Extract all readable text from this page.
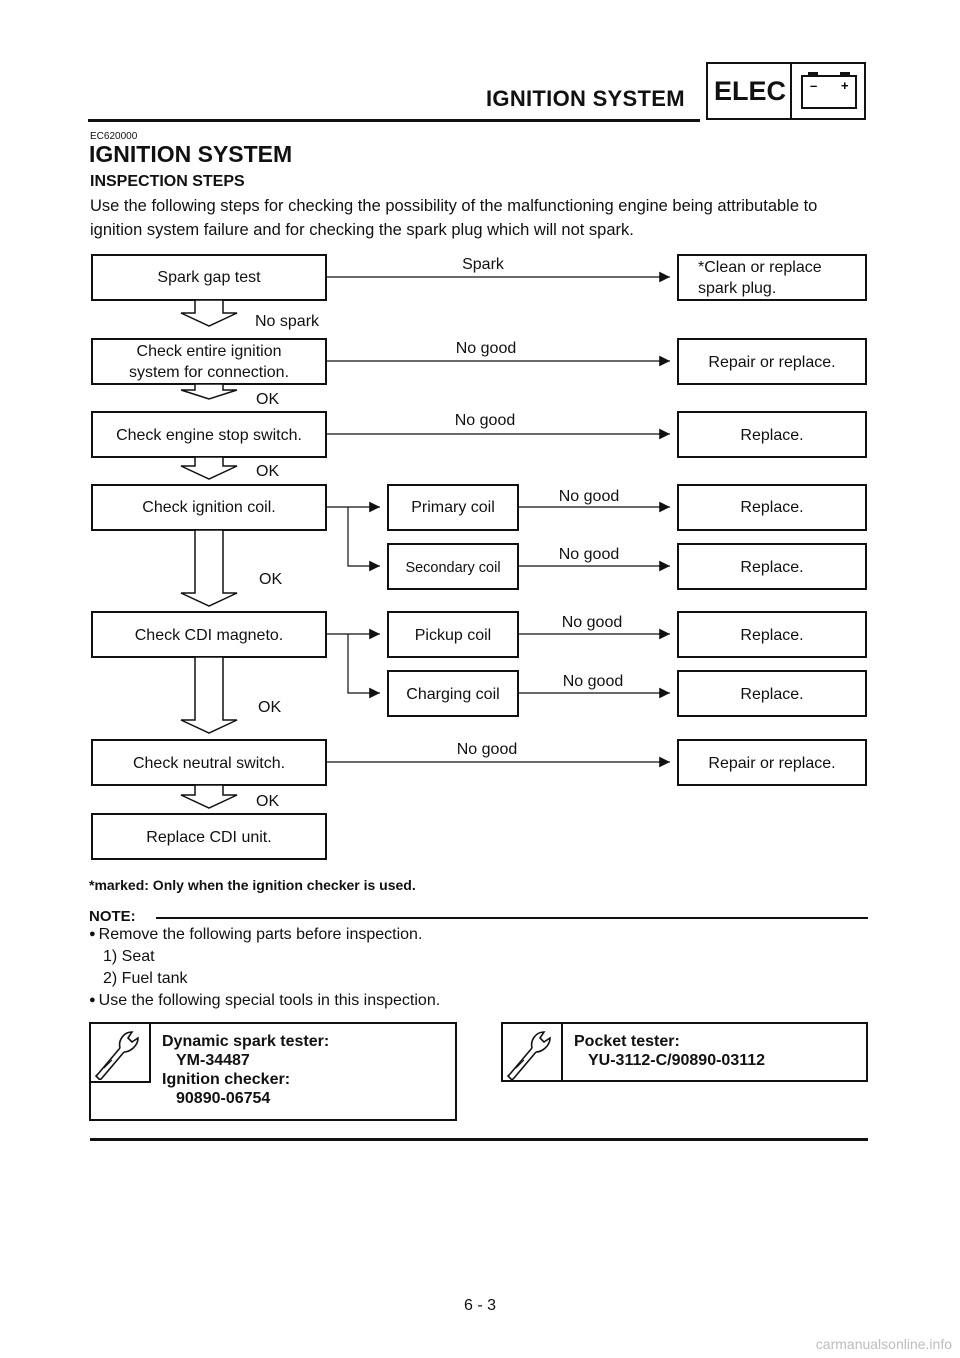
IGNITION SYSTEM ELEC – +
EC620000
IGNITION SYSTEM
INSPECTION STEPS
Use the following steps for checking the possibility of the malfunctioning engine being attributable to ignition system failure and for checking the spark plug which will not spark.
Spark gap test
Check entire ignition
system for connection.
Check engine stop switch.
Check ignition coil.
Check CDI magneto.
Check neutral switch.
Replace CDI unit.
Primary coil
Secondary coil
Pickup coil
Charging coil
*Clean or replace
spark plug.
Repair or replace.
Replace.
Replace.
Replace.
Replace.
Replace.
Repair or replace.
Spark
No good
No good
No good
No good
No good
No good
No good
No spark
OK
OK
OK
OK
OK
*marked: Only when the ignition checker is used.
NOTE:
● Remove the following parts before inspection.
1) Seat
2) Fuel tank
● Use the following special tools in this inspection.
Dynamic spark tester:
YM-34487
Ignition checker:
90890-06754
Pocket tester:
YU-3112-C/90890-03112
6 - 3
carmanualsonline.info
